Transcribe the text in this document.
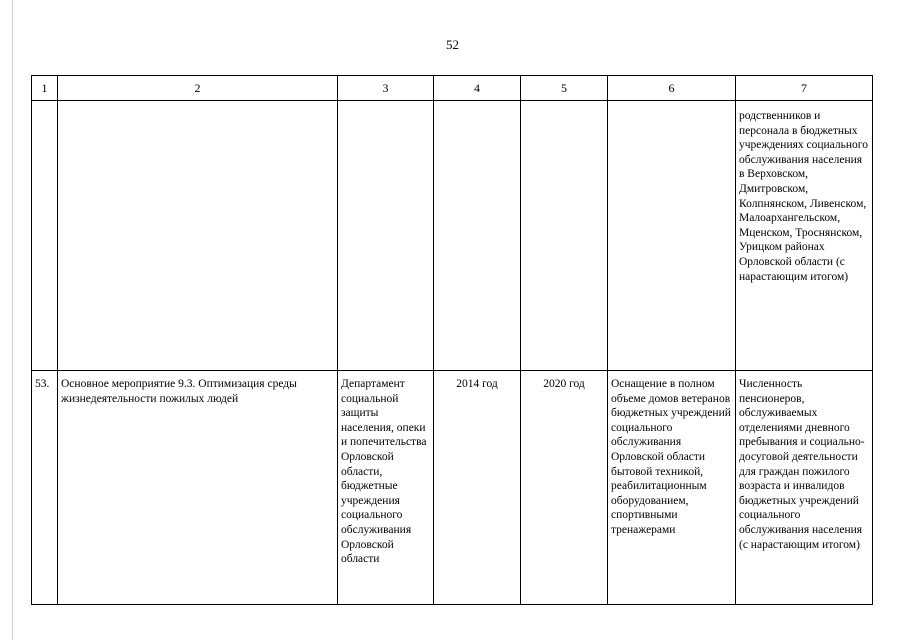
52
1	2	3	4	5	6	7
						родственников и персонала в бюджетных учреждениях социального обслуживания населения в Верховском, Дмитровском, Колпнянском, Ливенском, Малоархангельском, Мценском, Троснянском, Урицком районах Орловской области (с нарастающим итогом)
53.	Основное мероприятие 9.3. Оптимизация среды жизнедеятельности пожилых людей	Департамент социальной защиты населения, опеки и попечительства Орловской области, бюджетные учреждения социального обслуживания Орловской области	2014 год	2020 год	Оснащение в полном объеме домов ветеранов бюджетных учреждений социального обслуживания Орловской области бытовой техникой, реабилитационным оборудованием, спортивными тренажерами	Численность пенсионеров, обслуживаемых отделениями дневного пребывания и социально-досуговой деятельности для граждан пожилого возраста и инвалидов бюджетных учреждений социального обслуживания населения (с нарастающим итогом)
